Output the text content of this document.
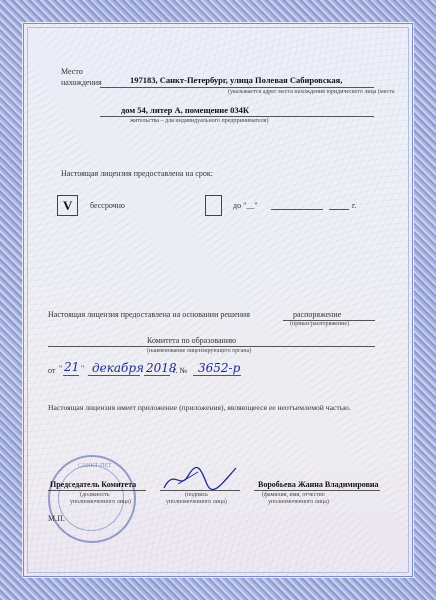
Место
нахождения	197183, Санкт-Петербург, улица Полевая Сабировская,
(указывается адрес места нахождения юридического лица (места
дом 54, литер А, помещение 034К
жительства – для индивидуального предпринимателя)
Настоящая лицензия предоставлена на срок:
V бессрочно	до "__"	г.
Настоящая лицензия предоставлена на основании решения	распоряжение
(приказ/распоряжение)
Комитета по образованию
(наименование лицензирующего органа)
от " 21 " декабря 2018
г. № 3652-р
Настоящая лицензия имеет приложение (приложения), являющееся ее неотъемлемой частью.
САНКТ-ПЕТ
Председатель Комитета
(должность
уполномоченного лица)
(подпись
уполномоченного лица)
Воробьева Жанна Владимировна
(фамилия, имя, отчество
уполномоченного лица)
М.П.
